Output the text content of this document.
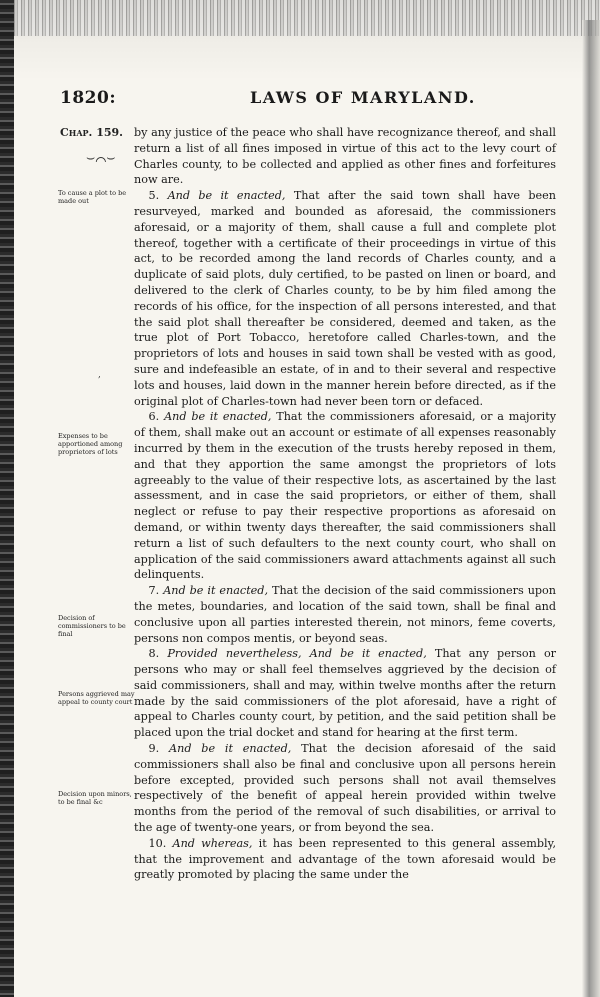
1820:	LAWS OF MARYLAND.
Chap. 159.
⌣⌒⌣
To cause a plot to be made out
Expenses to be apportioned among proprietors of lots
Decision of commissioners to be final
Persons aggrieved may appeal to county court
Decision upon minors, to be final &c
,

by any justice of the peace who shall have recognizance thereof, and shall return a list of all fines imposed in virtue of this act to the levy court of Charles county, to be collected and applied as other fines and forfeitures now are.

5. And be it enacted, That after the said town shall have been resurveyed, marked and bounded as aforesaid, the commissioners aforesaid, or a majority of them, shall cause a full and complete plot thereof, together with a certificate of their proceedings in virtue of this act, to be recorded among the land records of Charles county, and a duplicate of said plots, duly certified, to be pasted on linen or board, and delivered to the clerk of Charles county, to be by him filed among the records of his office, for the inspection of all persons interested, and that the said plot shall thereafter be considered, deemed and taken, as the true plot of Port Tobacco, heretofore called Charles-town, and the proprietors of lots and houses in said town shall be vested with as good, sure and indefeasible an estate, of in and to their several and respective lots and houses, laid down in the manner herein before directed, as if the original plot of Charles-town had never been torn or defaced.

6. And be it enacted, That the commissioners aforesaid, or a majority of them, shall make out an account or estimate of all expenses reasonably incurred by them in the execution of the trusts hereby reposed in them, and that they apportion the same amongst the proprietors of lots agreeably to the value of their respective lots, as ascertained by the last assessment, and in case the said proprietors, or either of them, shall neglect or refuse to pay their respective proportions as aforesaid on demand, or within twenty days thereafter, the said commissioners shall return a list of such defaulters to the next county court, who shall on application of the said commissioners award attachments against all such delinquents.

7. And be it enacted, That the decision of the said commissioners upon the metes, boundaries, and location of the said town, shall be final and conclusive upon all parties interested therein, not minors, feme coverts, persons non compos mentis, or beyond seas.

8. Provided nevertheless, And be it enacted, That any person or persons who may or shall feel themselves aggrieved by the decision of said commissioners, shall and may, within twelve months after the return made by the said commissioners of the plot aforesaid, have a right of appeal to Charles county court, by petition, and the said petition shall be placed upon the trial docket and stand for hearing at the first term.

9. And be it enacted, That the decision aforesaid of the said commissioners shall also be final and conclusive upon all persons herein before excepted, provided such persons shall not avail themselves respectively of the benefit of appeal herein provided within twelve months from the period of the removal of such disabilities, or arrival to the age of twenty-one years, or from beyond the sea.

10. And whereas, it has been represented to this general assembly, that the improvement and advantage of the town aforesaid would be greatly promoted by placing the same under the
